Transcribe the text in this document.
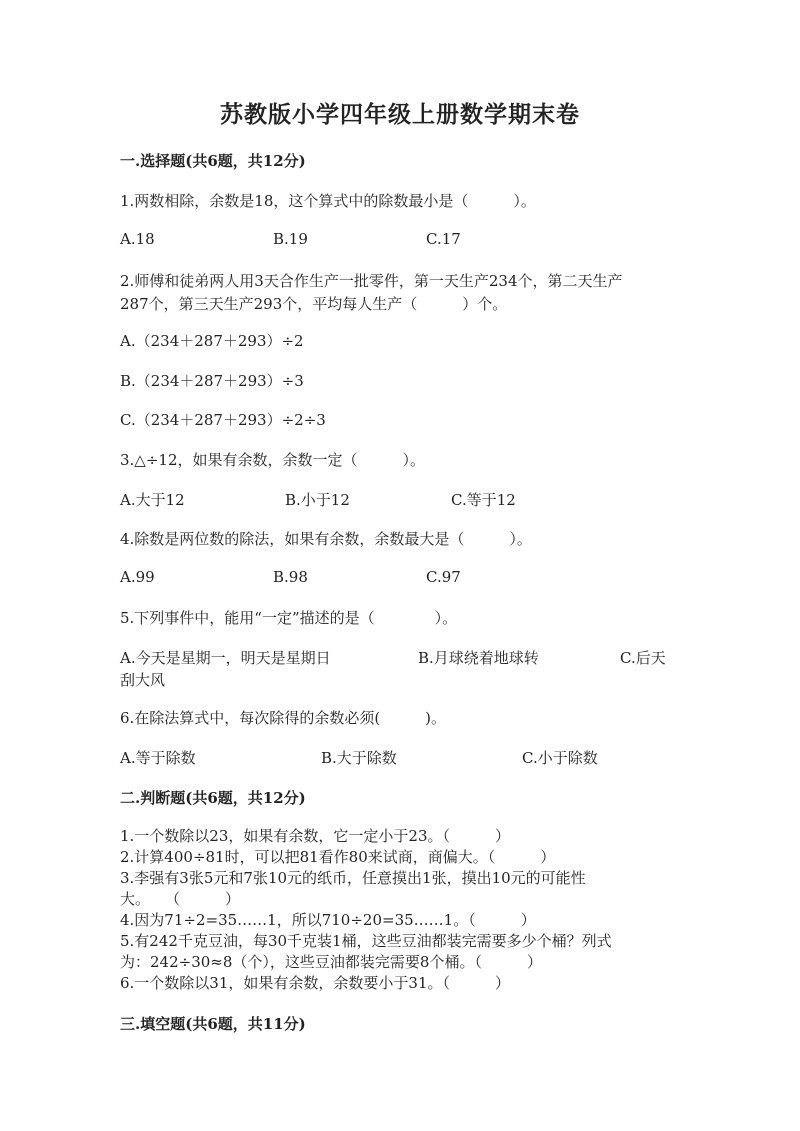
苏教版小学四年级上册数学期末卷
一.选择题(共6题，共12分)
1.两数相除，余数是18，这个算式中的除数最小是（　　　）。
A.18	B.19	C.17
2.师傅和徒弟两人用3天合作生产一批零件，第一天生产234个，第二天生产
287个，第三天生产293个，平均每人生产（　　　）个。
A.（234＋287＋293）÷2
B.（234＋287＋293）÷3
C.（234＋287＋293）÷2÷3
3.△÷12，如果有余数，余数一定（　　　）。
A.大于12	B.小于12	C.等于12
4.除数是两位数的除法，如果有余数，余数最大是（　　　）。
A.99	B.98	C.97
5.下列事件中，能用“一定”描述的是（　　　　）。
A.今天是星期一，明天是星期日	B.月球绕着地球转	C.后天
刮大风
6.在除法算式中，每次除得的余数必须(　　　)。
A.等于除数	B.大于除数	C.小于除数
二.判断题(共6题，共12分)
1.一个数除以23，如果有余数，它一定小于23。（　　　）
2.计算400÷81时，可以把81看作80来试商，商偏大。（　　　）
3.李强有3张5元和7张10元的纸币，任意摸出1张，摸出10元的可能性
大。　　（　　　）
4.因为71÷2=35……1，所以710÷20=35……1。（　　　）
5.有242千克豆油，每30千克装1桶，这些豆油都装完需要多少个桶？列式
为：242÷30≈8（个），这些豆油都装完需要8个桶。（　　　）
6.一个数除以31，如果有余数，余数要小于31。（　　　）
三.填空题(共6题，共11分)
